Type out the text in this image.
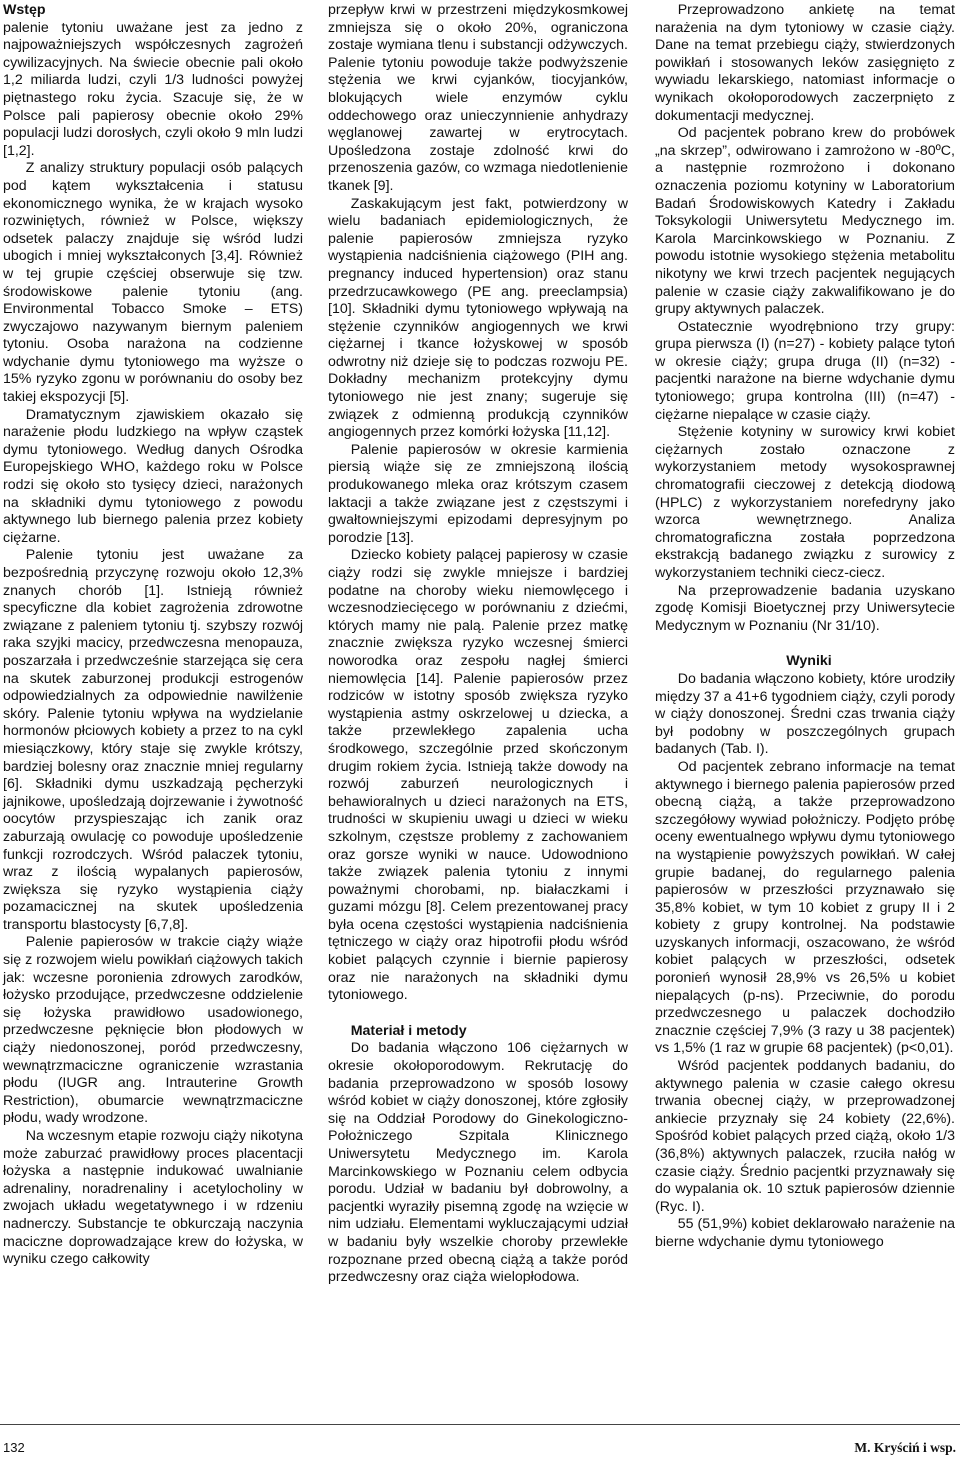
Wstęp

palenie tytoniu uważane jest za jedno z najpoważniejszych współczesnych zagrożeń cywilizacyjnych. Na świecie obecnie pali około 1,2 miliarda ludzi, czyli 1/3 ludności powyżej piętnastego roku życia. Szacuje się, że w Polsce pali papierosy obecnie około 29% populacji ludzi dorosłych, czyli około 9 mln ludzi [1,2].

Z analizy struktury populacji osób palących pod kątem wykształcenia i statusu ekonomicznego wynika, że w krajach wysoko rozwiniętych, również w Polsce, większy odsetek palaczy znajduje się wśród ludzi ubogich i mniej wykształconych [3,4]. Również w tej grupie częściej obserwuje się tzw. środowiskowe palenie tytoniu (ang. Environmental Tobacco Smoke – ETS) zwyczajowo nazywanym biernym paleniem tytoniu. Osoba narażona na codzienne wdychanie dymu tytoniowego ma wyższe o 15% ryzyko zgonu w porównaniu do osoby bez takiej ekspozycji [5].

Dramatycznym zjawiskiem okazało się narażenie płodu ludzkiego na wpływ cząstek dymu tytoniowego. Według danych Ośrodka Europejskiego WHO, każdego roku w Polsce rodzi się około sto tysięcy dzieci, narażonych na składniki dymu tytoniowego z powodu aktywnego lub biernego palenia przez kobiety ciężarne.

Palenie tytoniu jest uważane za bezpośrednią przyczynę rozwoju około 12,3% znanych chorób [1]. Istnieją również specyficzne dla kobiet zagrożenia zdrowotne związane z paleniem tytoniu tj. szybszy rozwój raka szyjki macicy, przedwczesna menopauza, poszarzała i przedwcześnie starzejąca się cera na skutek zaburzonej produkcji estrogenów odpowiedzialnych za odpowiednie nawilżenie skóry. Palenie tytoniu wpływa na wydzielanie hormonów płciowych kobiety a przez to na cykl miesiączkowy, który staje się zwykle krótszy, bardziej bolesny oraz znacznie mniej regularny [6]. Składniki dymu uszkadzają pęcherzyki jajnikowe, upośledzają dojrzewanie i żywotność oocytów przyspieszając ich zanik oraz zaburzają owulację co powoduje upośledzenie funkcji rozrodczych. Wśród palaczek tytoniu, wraz z ilością wypalanych papierosów, zwiększa się ryzyko wystąpienia ciąży pozamacicznej na skutek upośledzenia transportu blastocysty [6,7,8].

Palenie papierosów w trakcie ciąży wiąże się z rozwojem wielu powikłań ciążowych takich jak: wczesne poronienia zdrowych zarodków, łożysko przodujące, przedwczesne oddzielenie się łożyska prawidłowo usadowionego, przedwczesne pęknięcie błon płodowych w ciąży niedonoszonej, poród przedwczesny, wewnątrzmaciczne ograniczenie wzrastania płodu (IUGR ang. Intrauterine Growth Restriction), obumarcie wewnątrzmaciczne płodu, wady wrodzone.

Na wczesnym etapie rozwoju ciąży nikotyna może zaburzać prawidłowy proces placentacji łożyska a następnie indukować uwalnianie adrenaliny, noradrenaliny i acetylocholiny w zwojach układu wegetatywnego i w rdzeniu nadnerczy. Substancje te obkurczają naczynia maciczne doprowadzające krew do łożyska, w wyniku czego całkowity

przepływ krwi w przestrzeni międzykosmkowej zmniejsza się o około 20%, ograniczona zostaje wymiana tlenu i substancji odżywczych. Palenie tytoniu powoduje także podwyższenie stężenia we krwi cyjanków, tiocyjanków, blokujących wiele enzymów cyklu oddechowego oraz unieczynnienie anhydrazy węglanowej zawartej w erytrocytach. Upośledzona zostaje zdolność krwi do przenoszenia gazów, co wzmaga niedotlenienie tkanek [9].

Zaskakującym jest fakt, potwierdzony w wielu badaniach epidemiologicznych, że palenie papierosów zmniejsza ryzyko wystąpienia nadciśnienia ciążowego (PIH ang. pregnancy induced hypertension) oraz stanu przedrzucawkowego (PE ang. preeclampsia) [10]. Składniki dymu tytoniowego wpływają na stężenie czynników angiogennych we krwi ciężarnej i tkance łożyskowej w sposób odwrotny niż dzieje się to podczas rozwoju PE. Dokładny mechanizm protekcyjny dymu tytoniowego nie jest znany; sugeruje się związek z odmienną produkcją czynników angiogennych przez komórki łożyska [11,12].

Palenie papierosów w okresie karmienia piersią wiąże się ze zmniejszoną ilością produkowanego mleka oraz krótszym czasem laktacji a także związane jest z częstszymi i gwałtowniejszymi epizodami depresyjnym po porodzie [13].

Dziecko kobiety palącej papierosy w czasie ciąży rodzi się zwykle mniejsze i bardziej podatne na choroby wieku niemowlęcego i wczesnodziecięcego w porównaniu z dziećmi, których mamy nie palą. Palenie przez matkę znacznie zwiększa ryzyko wczesnej śmierci noworodka oraz zespołu nagłej śmierci niemowlęcia [14]. Palenie papierosów przez rodziców w istotny sposób zwiększa ryzyko wystąpienia astmy oskrzelowej u dziecka, a także przewlekłego zapalenia ucha środkowego, szczególnie przed skończonym drugim rokiem życia. Istnieją także dowody na rozwój zaburzeń neurologicznych i behawioralnych u dzieci narażonych na ETS, trudności w skupieniu uwagi u dzieci w wieku szkolnym, częstsze problemy z zachowaniem oraz gorsze wyniki w nauce. Udowodniono także związek palenia tytoniu z innymi poważnymi chorobami, np. białaczkami i guzami mózgu [8]. Celem prezentowanej pracy była ocena częstości wystąpienia nadciśnienia tętniczego w ciąży oraz hipotrofii płodu wśród kobiet palących czynnie i biernie papierosy oraz nie narażonych na składniki dymu tytoniowego.

Materiał i metody

Do badania włączono 106 ciężarnych w okresie okołoporodowym. Rekrutację do badania przeprowadzono w sposób losowy wśród kobiet w ciąży donoszonej, które zgłosiły się na Oddział Porodowy do Ginekologiczno-Położniczego Szpitala Klinicznego Uniwersytetu Medycznego im. Karola Marcinkowskiego w Poznaniu celem odbycia porodu. Udział w badaniu był dobrowolny, a pacjentki wyraziły pisemną zgodę na wzięcie w nim udziału. Elementami wykluczającymi udział w badaniu były wszelkie choroby przewlekłe rozpoznane przed obecną ciążą a także poród przedwczesny oraz ciąża wielopłodowa.

Przeprowadzono ankietę na temat narażenia na dym tytoniowy w czasie ciąży. Dane na temat przebiegu ciąży, stwierdzonych powikłań i stosowanych leków zasięgnięto z wywiadu lekarskiego, natomiast informacje o wynikach okołoporodowych zaczerpnięto z dokumentacji medycznej.

Od pacjentek pobrano krew do probówek „na skrzep”, odwirowano i zamrożono w -80ºC, a następnie rozmrożono i dokonano oznaczenia poziomu kotyniny w Laboratorium Badań Środowiskowych Katedry i Zakładu Toksykologii Uniwersytetu Medycznego im. Karola Marcinkowskiego w Poznaniu. Z powodu istotnie wysokiego stężenia metabolitu nikotyny we krwi trzech pacjentek negujących palenie w czasie ciąży zakwalifikowano je do grupy aktywnych palaczek.

Ostatecznie wyodrębniono trzy grupy: grupa pierwsza (I) (n=27) - kobiety palące tytoń w okresie ciąży; grupa druga (II) (n=32) - pacjentki narażone na bierne wdychanie dymu tytoniowego; grupa kontrolna (III) (n=47) - ciężarne niepalące w czasie ciąży.

Stężenie kotyniny w surowicy krwi kobiet ciężarnych zostało oznaczone z wykorzystaniem metody wysokosprawnej chromatografii cieczowej z detekcją diodową (HPLC) z wykorzystaniem norefedryny jako wzorca wewnętrznego. Analiza chromatograficzna została poprzedzona ekstrakcją badanego związku z surowicy z wykorzystaniem techniki ciecz-ciecz.

Na przeprowadzenie badania uzyskano zgodę Komisji Bioetycznej przy Uniwersytecie Medycznym w Poznaniu (Nr 31/10).

Wyniki

Do badania włączono kobiety, które urodziły między 37 a 41+6 tygodniem ciąży, czyli porody w ciąży donoszonej. Średni czas trwania ciąży był podobny w poszczególnych grupach badanych (Tab. I).

Od pacjentek zebrano informacje na temat aktywnego i biernego palenia papierosów przed obecną ciążą, a także przeprowadzono szczegółowy wywiad położniczy. Podjęto próbę oceny ewentualnego wpływu dymu tytoniowego na wystąpienie powyższych powikłań. W całej grupie badanej, do regularnego palenia papierosów w przeszłości przyznawało się 35,8% kobiet, w tym 10 kobiet z grupy II i 2 kobiety z grupy kontrolnej. Na podstawie uzyskanych informacji, oszacowano, że wśród kobiet palących w przeszłości, odsetek poronień wynosił 28,9% vs 26,5% u kobiet niepalących (p-ns). Przeciwnie, do porodu przedwczesnego u palaczek dochodziło znacznie częściej 7,9% (3 razy u 38 pacjentek) vs 1,5% (1 raz w grupie 68 pacjentek) (p<0,01).

Wśród pacjentek poddanych badaniu, do aktywnego palenia w czasie całego okresu trwania obecnej ciąży, w przeprowadzonej ankiecie przyznały się 24 kobiety (22,6%). Spośród kobiet palących przed ciążą, około 1/3 (36,8%) aktywnych palaczek, rzuciła nałóg w czasie ciąży. Średnio pacjentki przyznawały się do wypalania ok. 10 sztuk papierosów dziennie (Ryc. I).

55 (51,9%) kobiet deklarowało narażenie na bierne wdychanie dymu tytoniowego

132	M. Kryściń i wsp.
